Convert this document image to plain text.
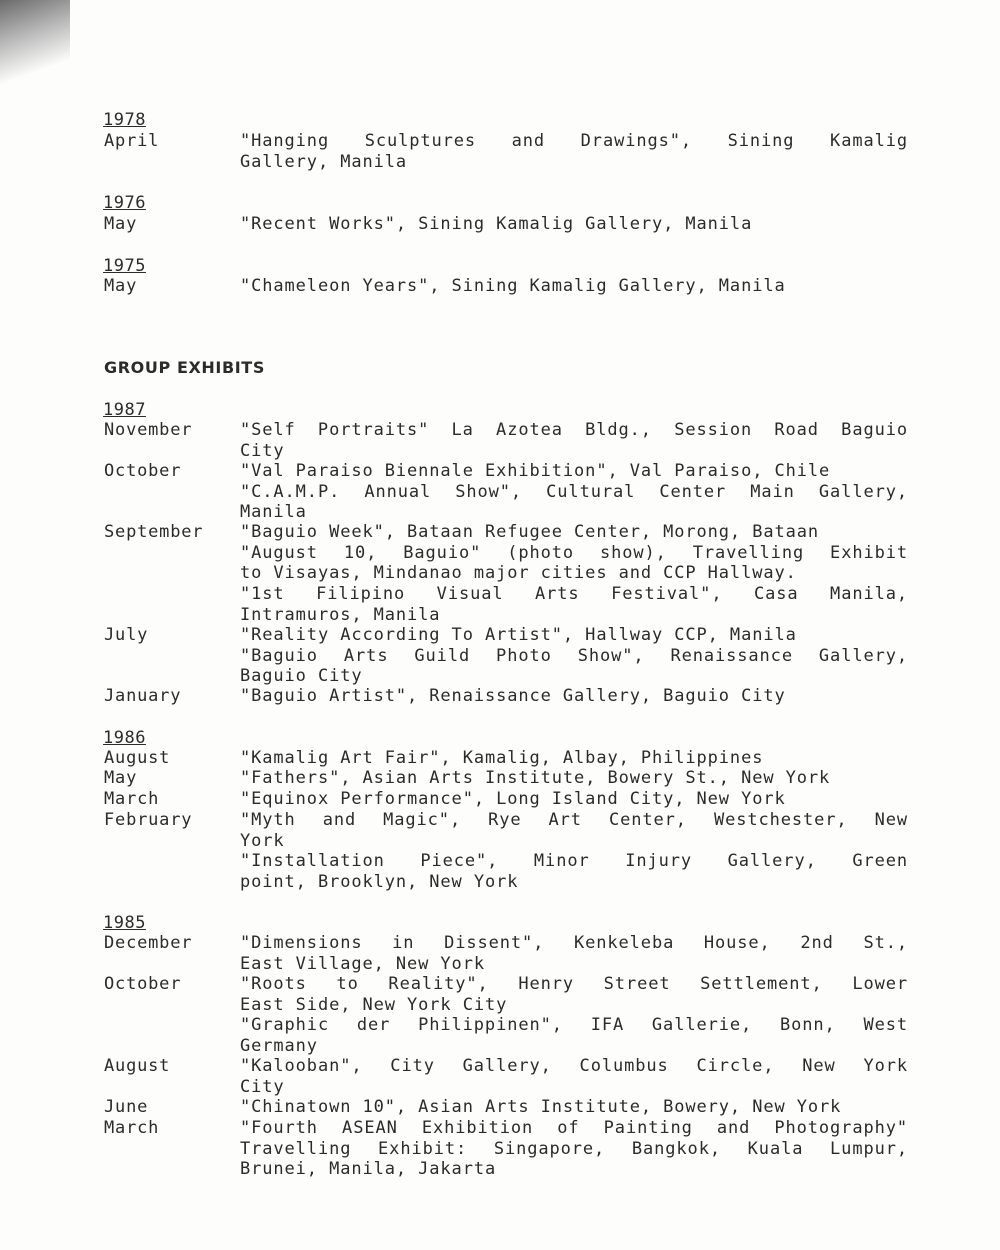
GROUP EXHIBITS
1978
April	"Hanging Sculptures and Drawings", Sining Kamalig
Gallery, Manila
1976
May	"Recent Works", Sining Kamalig Gallery, Manila
1975
May	"Chameleon Years", Sining Kamalig Gallery, Manila
1987
November	"Self Portraits" La Azotea Bldg., Session Road Baguio
City
October	"Val Paraiso Biennale Exhibition", Val Paraiso, Chile
"C.A.M.P. Annual Show", Cultural Center Main Gallery,
Manila
September "Baguio Week", Bataan Refugee Center, Morong, Bataan
"August 10, Baguio" (photo show), Travelling Exhibit
to Visayas, Mindanao major cities and CCP Hallway.
"1st Filipino Visual Arts Festival", Casa Manila,
Intramuros, Manila
July	"Reality According To Artist", Hallway CCP, Manila
"Baguio Arts Guild Photo Show", Renaissance Gallery,
Baguio City
January	"Baguio Artist", Renaissance Gallery, Baguio City
1986
August	"Kamalig Art Fair", Kamalig, Albay, Philippines
May	"Fathers", Asian Arts Institute, Bowery St., New York
March	"Equinox Performance", Long Island City, New York
February	"Myth and Magic", Rye Art Center, Westchester, New
York
"Installation Piece", Minor Injury Gallery, Green
point, Brooklyn, New York
1985
December	"Dimensions in Dissent", Kenkeleba House, 2nd St.,
East Village, New York
October	"Roots to Reality", Henry Street Settlement, Lower
East Side, New York City
"Graphic der Philippinen", IFA Gallerie, Bonn, West
Germany
August	"Kalooban", City Gallery, Columbus Circle, New York
City
June	"Chinatown 10", Asian Arts Institute, Bowery, New York
March	"Fourth ASEAN Exhibition of Painting and Photography"
Travelling Exhibit: Singapore, Bangkok, Kuala Lumpur,
Brunei, Manila, Jakarta
